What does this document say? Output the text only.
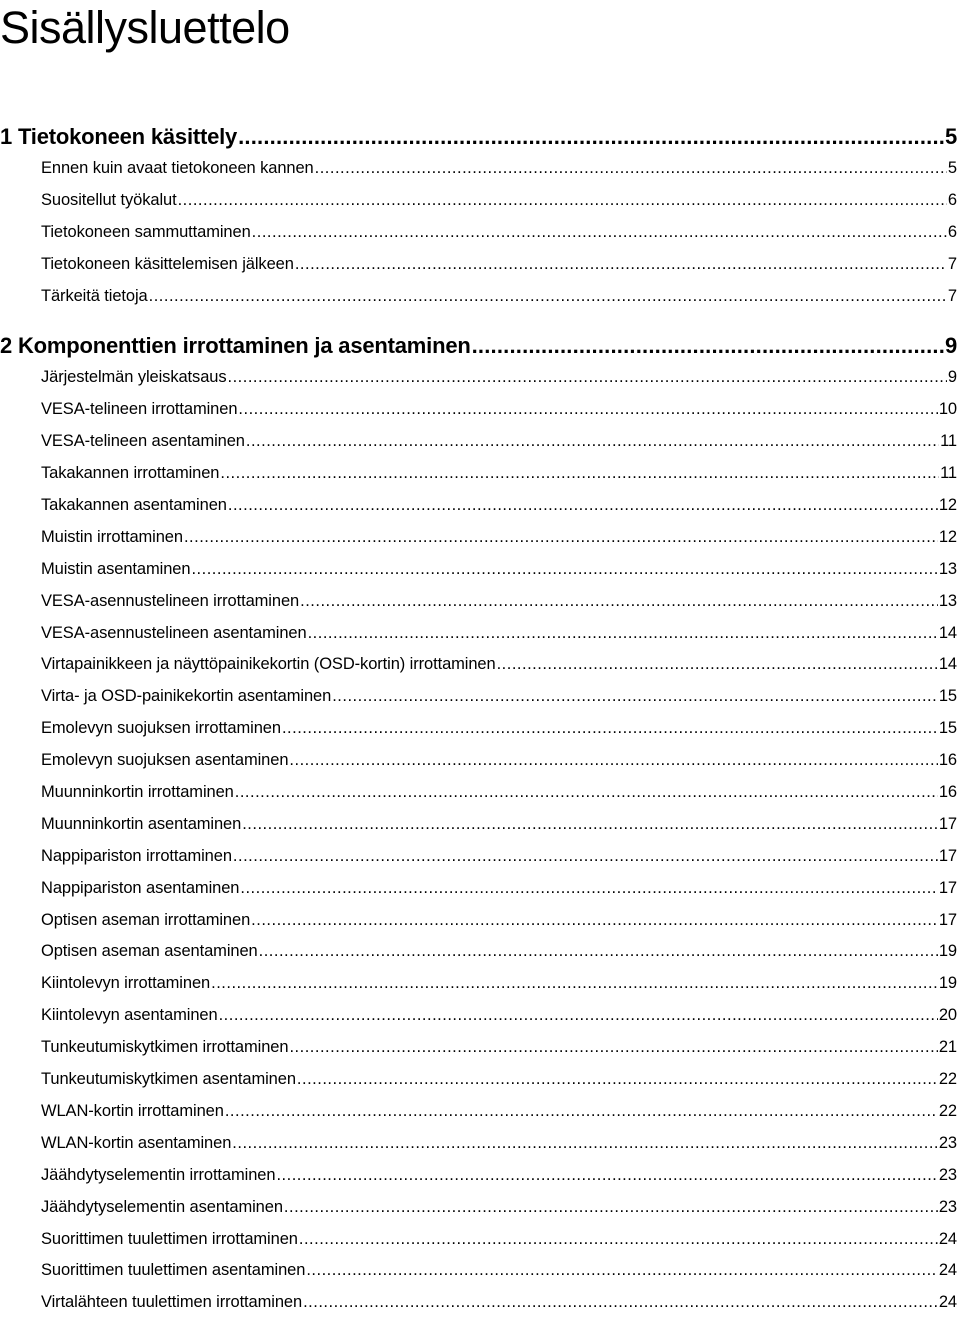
Sisällysluettelo
1 Tietokoneen käsittely .....	5
Ennen kuin avaat tietokoneen kannen .....	5
Suositellut työkalut .....	6
Tietokoneen sammuttaminen .....	6
Tietokoneen käsittelemisen jälkeen .....	7
Tärkeitä tietoja .....	7
2 Komponenttien irrottaminen ja asentaminen .....	9
Järjestelmän yleiskatsaus .....	9
VESA-telineen irrottaminen .....	10
VESA-telineen asentaminen .....	11
Takakannen irrottaminen .....	11
Takakannen asentaminen .....	12
Muistin irrottaminen .....	12
Muistin asentaminen .....	13
VESA-asennustelineen irrottaminen .....	13
VESA-asennustelineen asentaminen .....	14
Virtapainikkeen ja näyttöpainikekortin (OSD-kortin) irrottaminen .....	14
Virta- ja OSD-painikekortin asentaminen .....	15
Emolevyn suojuksen irrottaminen .....	15
Emolevyn suojuksen asentaminen .....	16
Muunninkortin irrottaminen .....	16
Muunninkortin asentaminen .....	17
Nappipariston irrottaminen .....	17
Nappipariston asentaminen .....	17
Optisen aseman irrottaminen .....	17
Optisen aseman asentaminen .....	19
Kiintolevyn irrottaminen .....	19
Kiintolevyn asentaminen .....	20
Tunkeutumiskytkimen irrottaminen .....	21
Tunkeutumiskytkimen asentaminen .....	22
WLAN-kortin irrottaminen .....	22
WLAN-kortin asentaminen .....	23
Jäähdytyselementin irrottaminen .....	23
Jäähdytyselementin asentaminen .....	23
Suorittimen tuulettimen irrottaminen .....	24
Suorittimen tuulettimen asentaminen .....	24
Virtalähteen tuulettimen irrottaminen .....	24
